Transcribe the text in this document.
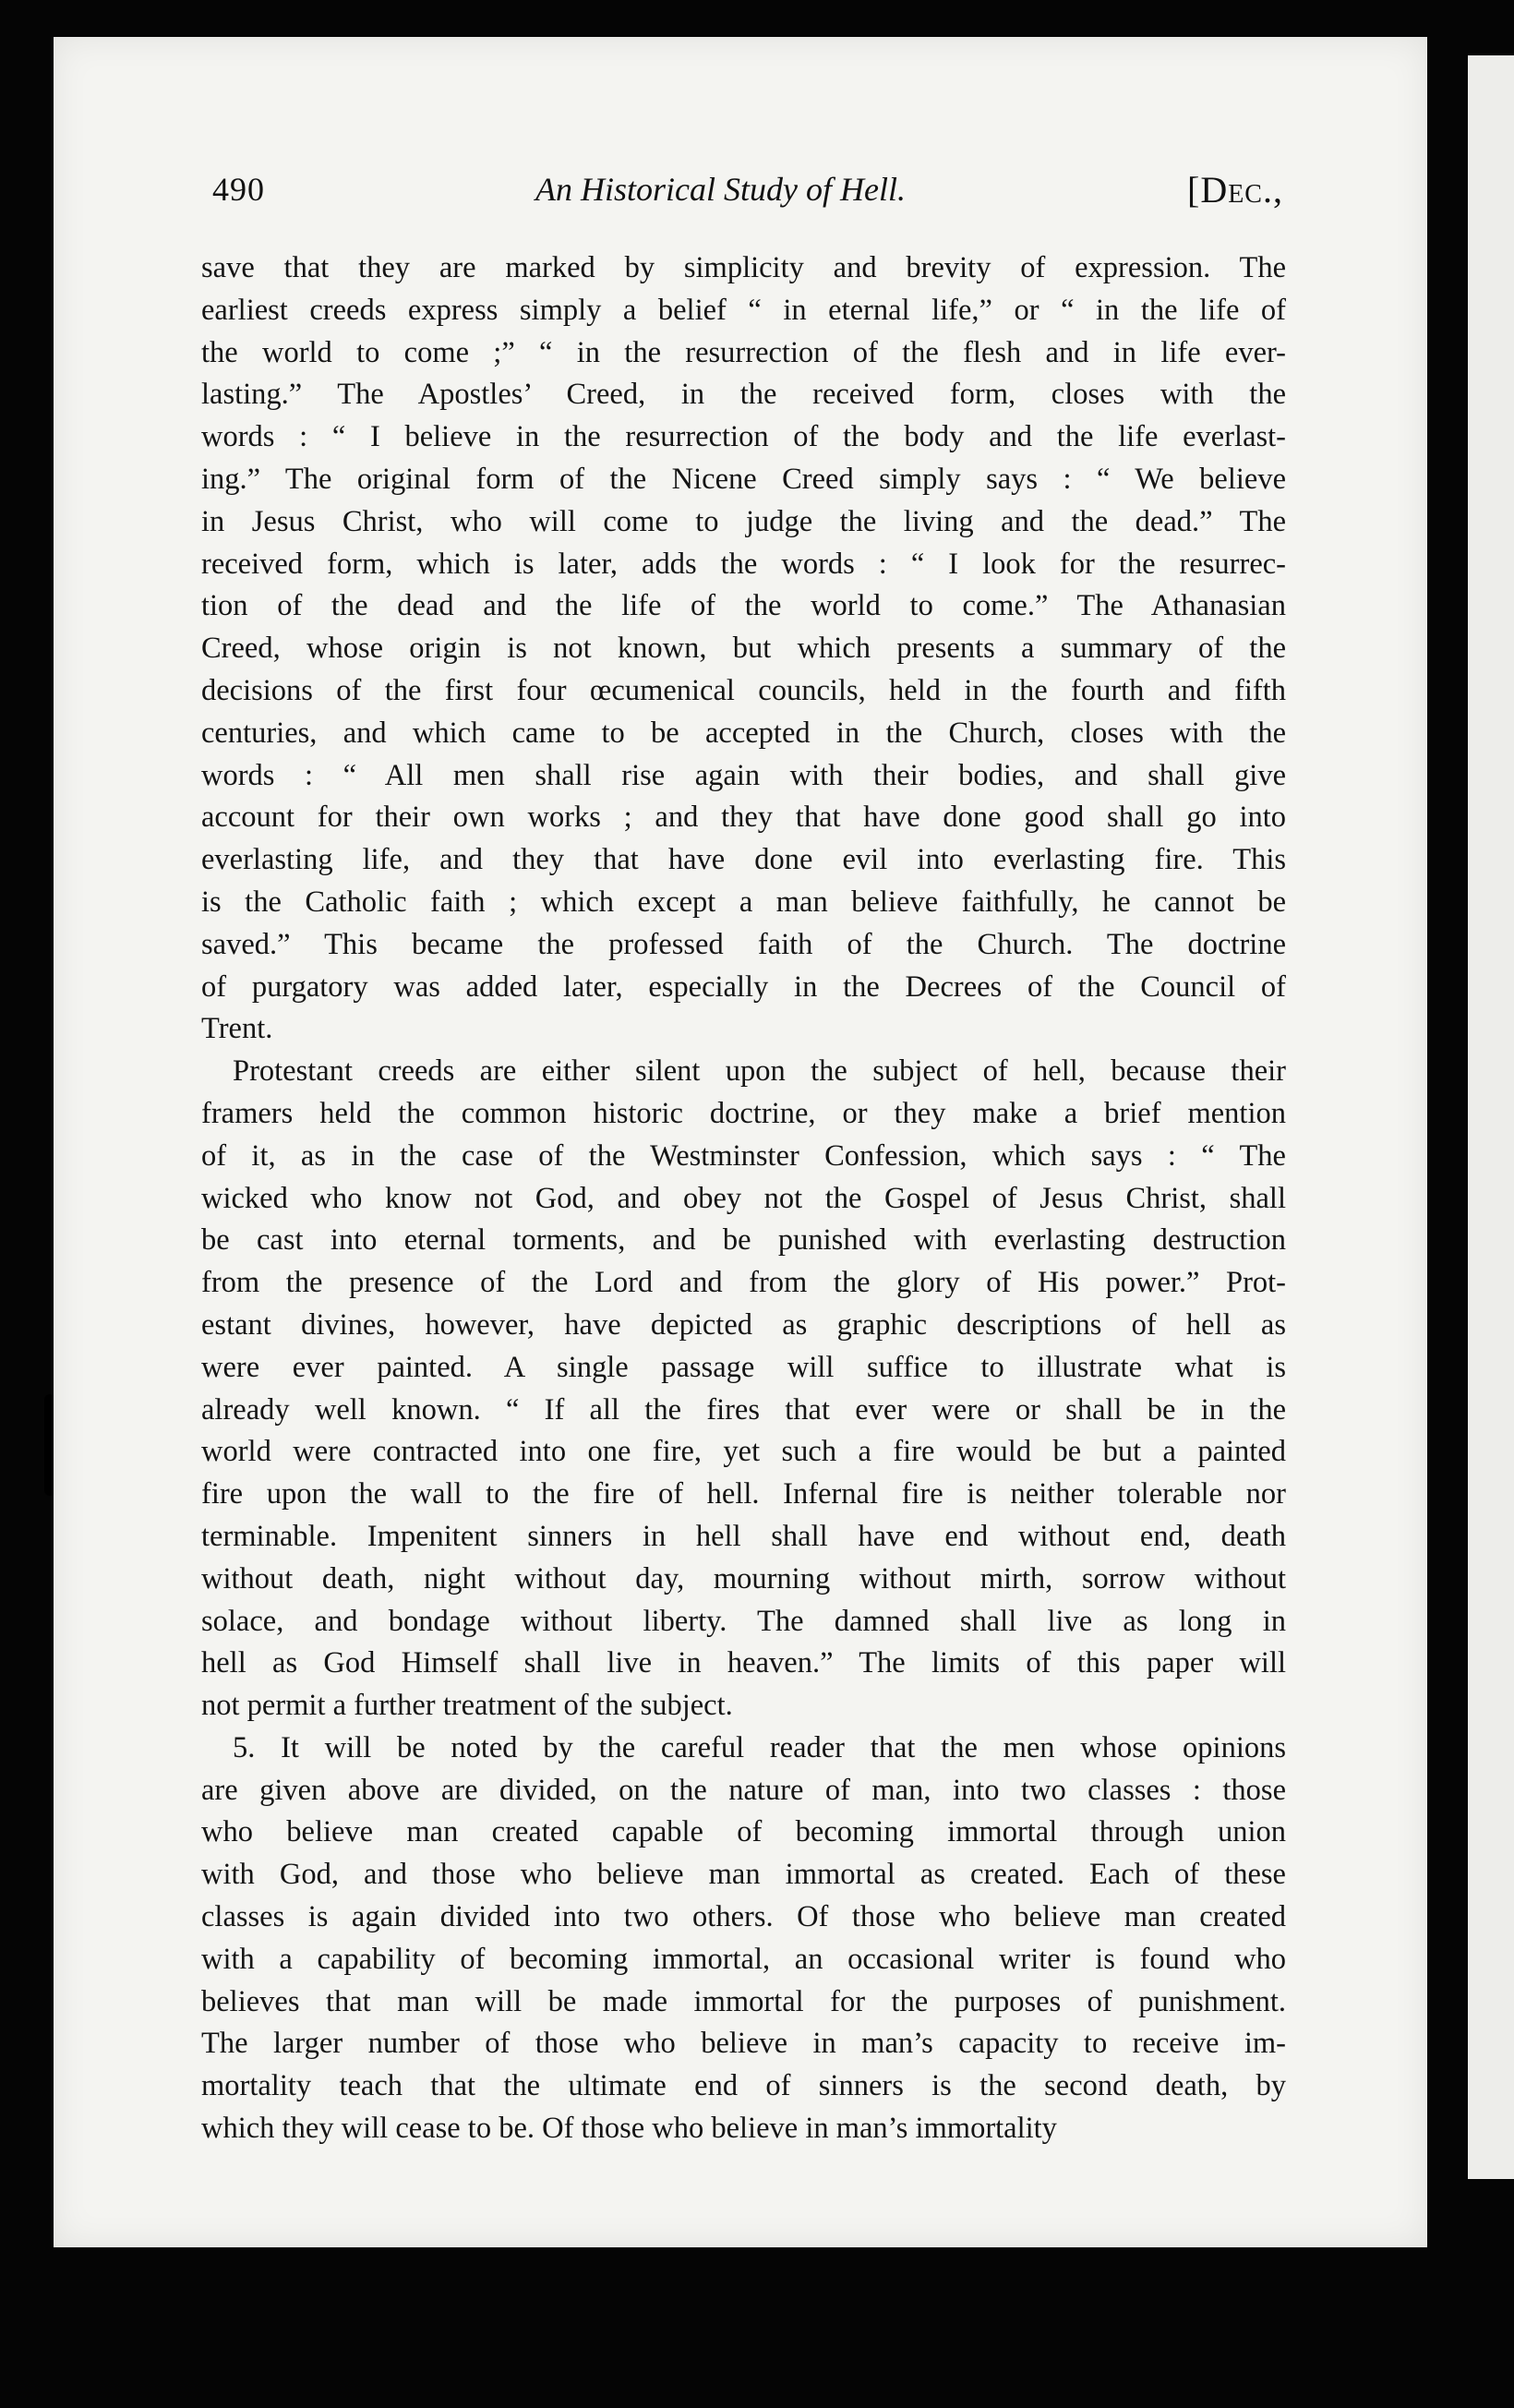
490	An Historical Study of Hell.	[Dec.,
save that they are marked by simplicity and brevity of expression. The
earliest creeds express simply a belief “ in eternal life,” or “ in the life of
the world to come ;” “ in the resurrection of the flesh and in life ever-
lasting.” The Apostles’ Creed, in the received form, closes with the
words : “ I believe in the resurrection of the body and the life everlast-
ing.” The original form of the Nicene Creed simply says : “ We believe
in Jesus Christ, who will come to judge the living and the dead.” The
received form, which is later, adds the words : “ I look for the resurrec-
tion of the dead and the life of the world to come.” The Athanasian
Creed, whose origin is not known, but which presents a summary of the
decisions of the first four œcumenical councils, held in the fourth and fifth
centuries, and which came to be accepted in the Church, closes with the
words : “ All men shall rise again with their bodies, and shall give
account for their own works ; and they that have done good shall go into
everlasting life, and they that have done evil into everlasting fire. This
is the Catholic faith ; which except a man believe faithfully, he cannot be
saved.” This became the professed faith of the Church. The doctrine
of purgatory was added later, especially in the Decrees of the Council of
Trent.
Protestant creeds are either silent upon the subject of hell, because their
framers held the common historic doctrine, or they make a brief mention
of it, as in the case of the Westminster Confession, which says : “ The
wicked who know not God, and obey not the Gospel of Jesus Christ, shall
be cast into eternal torments, and be punished with everlasting destruction
from the presence of the Lord and from the glory of His power.” Prot-
estant divines, however, have depicted as graphic descriptions of hell as
were ever painted. A single passage will suffice to illustrate what is
already well known. “ If all the fires that ever were or shall be in the
world were contracted into one fire, yet such a fire would be but a painted
fire upon the wall to the fire of hell. Infernal fire is neither tolerable nor
terminable. Impenitent sinners in hell shall have end without end, death
without death, night without day, mourning without mirth, sorrow without
solace, and bondage without liberty. The damned shall live as long in
hell as God Himself shall live in heaven.” The limits of this paper will
not permit a further treatment of the subject.
5. It will be noted by the careful reader that the men whose opinions
are given above are divided, on the nature of man, into two classes : those
who believe man created capable of becoming immortal through union
with God, and those who believe man immortal as created. Each of these
classes is again divided into two others. Of those who believe man created
with a capability of becoming immortal, an occasional writer is found who
believes that man will be made immortal for the purposes of punishment.
The larger number of those who believe in man’s capacity to receive im-
mortality teach that the ultimate end of sinners is the second death, by
which they will cease to be. Of those who believe in man’s immortality
